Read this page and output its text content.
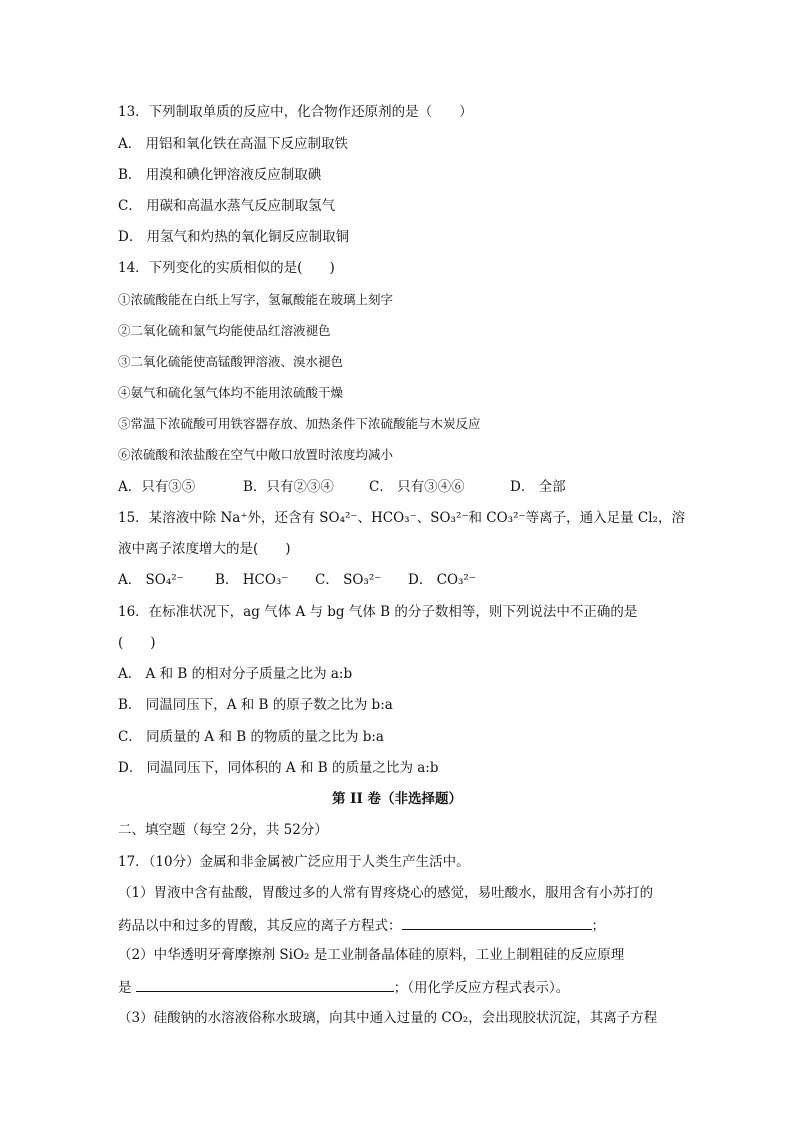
13．下列制取单质的反应中，化合物作还原剂的是（　　）
A． 用铝和氧化铁在高温下反应制取铁
B． 用溴和碘化钾溶液反应制取碘
C． 用碳和高温水蒸气反应制取氢气
D． 用氢气和灼热的氧化铜反应制取铜
14．下列变化的实质相似的是(　　)
①浓硫酸能在白纸上写字，氢氟酸能在玻璃上刻字
②二氧化硫和氯气均能使品红溶液褪色
③二氧化硫能使高锰酸钾溶液、溴水褪色
④氨气和硫化氢气体均不能用浓硫酸干燥
⑤常温下浓硫酸可用铁容器存放、加热条件下浓硫酸能与木炭反应
⑥浓硫酸和浓盐酸在空气中敞口放置时浓度均减小
A．只有③⑤	B．只有②③④	C． 只有③④⑥	D． 全部
15．某溶液中除 Na⁺外，还含有 SO₄²⁻、HCO₃⁻、SO₃²⁻和 CO₃²⁻等离子，通入足量 Cl₂，溶
液中离子浓度增大的是(　　)
A． SO₄²⁻ B． HCO₃⁻ C． SO₃²⁻ D． CO₃²⁻
16．在标准状况下，ag 气体 A 与 bg 气体 B 的分子数相等，则下列说法中不正确的是
(　　)
A． A 和 B 的相对分子质量之比为 a:b
B． 同温同压下，A 和 B 的原子数之比为 b:a
C． 同质量的 A 和 B 的物质的量之比为 b:a
D． 同温同压下，同体积的 A 和 B 的质量之比为 a:b
第 II 卷（非选择题）
二、填空题（每空 2分，共 52分）
17．（10分）金属和非金属被广泛应用于人类生产生活中。
（1）胃液中含有盐酸，胃酸过多的人常有胃疼烧心的感觉，易吐酸水，服用含有小苏打的
药品以中和过多的胃酸，其反应的离子方程式：	；
（2）中华透明牙膏摩擦剂 SiO₂ 是工业制备晶体硅的原料，工业上制粗硅的反应原理
是	；（用化学反应方程式表示）。
（3）硅酸钠的水溶液俗称水玻璃，向其中通入过量的 CO₂，会出现胶状沉淀，其离子方程
